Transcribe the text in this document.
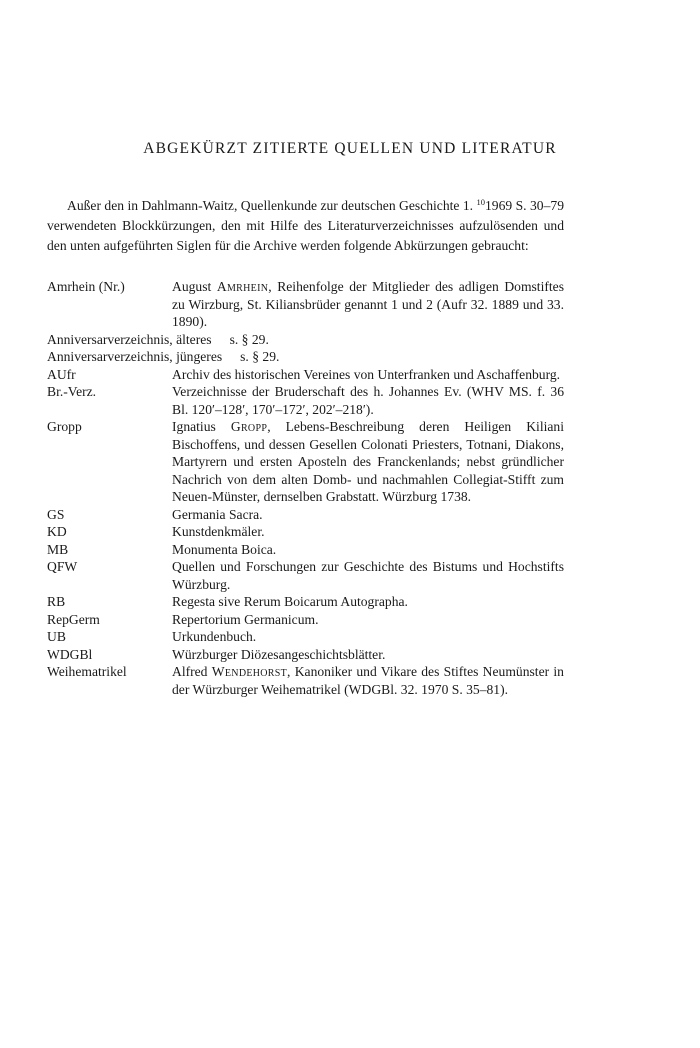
ABGEKÜRZT ZITIERTE QUELLEN UND LITERATUR

Außer den in Dahlmann-Waitz, Quellenkunde zur deutschen Geschichte 1. $^{10}$1969 S. 30–79 verwendeten Blockkürzungen, den mit Hilfe des Literaturverzeichnisses aufzulösenden und den unten aufgeführten Siglen für die Archive werden folgende Abkürzungen gebraucht:

Amrhein (Nr.)	August Amrhein, Reihenfolge der Mitglieder des adligen Domstiftes zu Wirzburg, St. Kiliansbrüder genannt 1 und 2 (Aufr 32. 1889 und 33. 1890).
Anniversarverzeichnis, älteres s. § 29.
Anniversarverzeichnis, jüngeres s. § 29.
AUfr	Archiv des historischen Vereines von Unterfranken und Aschaffenburg.
Br.-Verz.	Verzeichnisse der Bruderschaft des h. Johannes Ev. (WHV MS. f. 36 Bl. 120′–128′, 170′–172′, 202′–218′).
Gropp	Ignatius Gropp, Lebens-Beschreibung deren Heiligen Kiliani Bischoffens, und dessen Gesellen Colonati Priesters, Totnani, Diakons, Martyrern und ersten Aposteln des Franckenlands; nebst gründlicher Nachrich von dem alten Domb- und nachmahlen Collegiat-Stifft zum Neuen-Münster, dernselben Grabstatt. Würzburg 1738.
GS	Germania Sacra.
KD	Kunstdenkmäler.
MB	Monumenta Boica.
QFW	Quellen und Forschungen zur Geschichte des Bistums und Hochstifts Würzburg.
RB	Regesta sive Rerum Boicarum Autographa.
RepGerm	Repertorium Germanicum.
UB	Urkundenbuch.
WDGBl	Würzburger Diözesangeschichtsblätter.
Weihematrikel	Alfred Wendehorst, Kanoniker und Vikare des Stiftes Neumünster in der Würzburger Weihematrikel (WDGBl. 32. 1970 S. 35–81).
